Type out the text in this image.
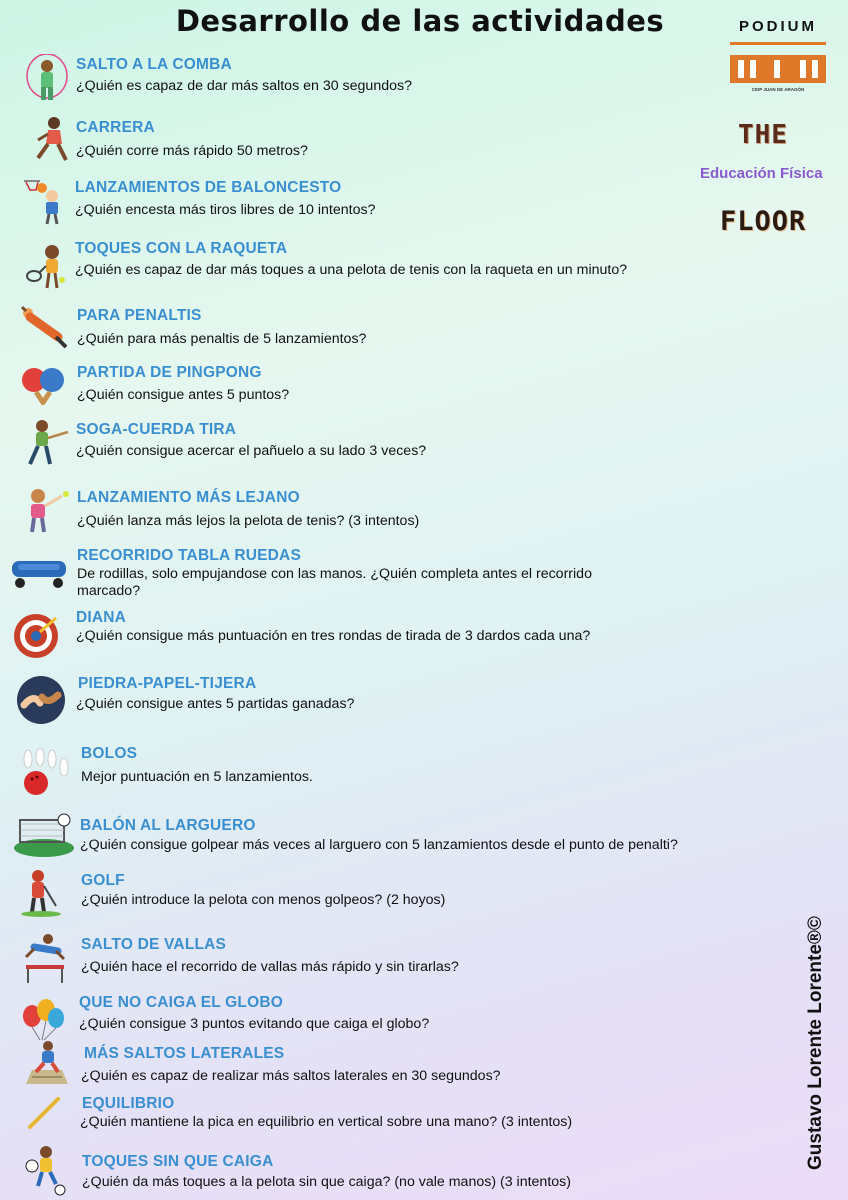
Desarrollo de las actividades	PODIUM
CEIP JUAN DE ARAGÓN
THE
Educación Física
FLOOR
SALTO A LA COMBA
¿Quién es capaz de dar más saltos en 30 segundos?
CARRERA
¿Quién corre más rápido 50 metros?
LANZAMIENTOS DE BALONCESTO
¿Quién encesta más tiros libres de 10 intentos?
TOQUES CON LA RAQUETA
¿Quién es capaz de dar más toques a una pelota de tenis con la raqueta en un minuto?
PARA PENALTIS
¿Quién para más penaltis de 5 lanzamientos?
PARTIDA DE PINGPONG
¿Quién consigue antes 5 puntos?
SOGA-CUERDA TIRA
¿Quién consigue acercar el pañuelo a su lado 3 veces?
LANZAMIENTO MÁS LEJANO
¿Quién lanza más lejos la pelota de tenis? (3 intentos)
RECORRIDO TABLA RUEDAS
De rodillas, solo empujandose con las manos. ¿Quién completa antes el recorrido marcado?
DIANA
¿Quién consigue más puntuación en tres rondas de tirada de 3 dardos cada una?
PIEDRA-PAPEL-TIJERA
¿Quién consigue antes 5 partidas ganadas?
BOLOS
Mejor puntuación en 5 lanzamientos.
BALÓN AL LARGUERO
¿Quién consigue golpear más veces al larguero con 5 lanzamientos desde el punto de penalti?
GOLF
¿Quién introduce la pelota con menos golpeos? (2 hoyos)
SALTO DE VALLAS
¿Quién hace el recorrido de vallas más rápido y sin tirarlas?
QUE NO CAIGA EL GLOBO
¿Quién consigue 3 puntos evitando que caiga el globo?
MÁS SALTOS LATERALES
¿Quién es capaz de realizar más saltos laterales en 30 segundos?
EQUILIBRIO
¿Quién mantiene la pica en equilibrio en vertical sobre una mano? (3 intentos)
TOQUES SIN QUE CAIGA
¿Quién da más toques a la pelota sin que caiga? (no vale manos) (3 intentos)
Gustavo Lorente Lorente®©
